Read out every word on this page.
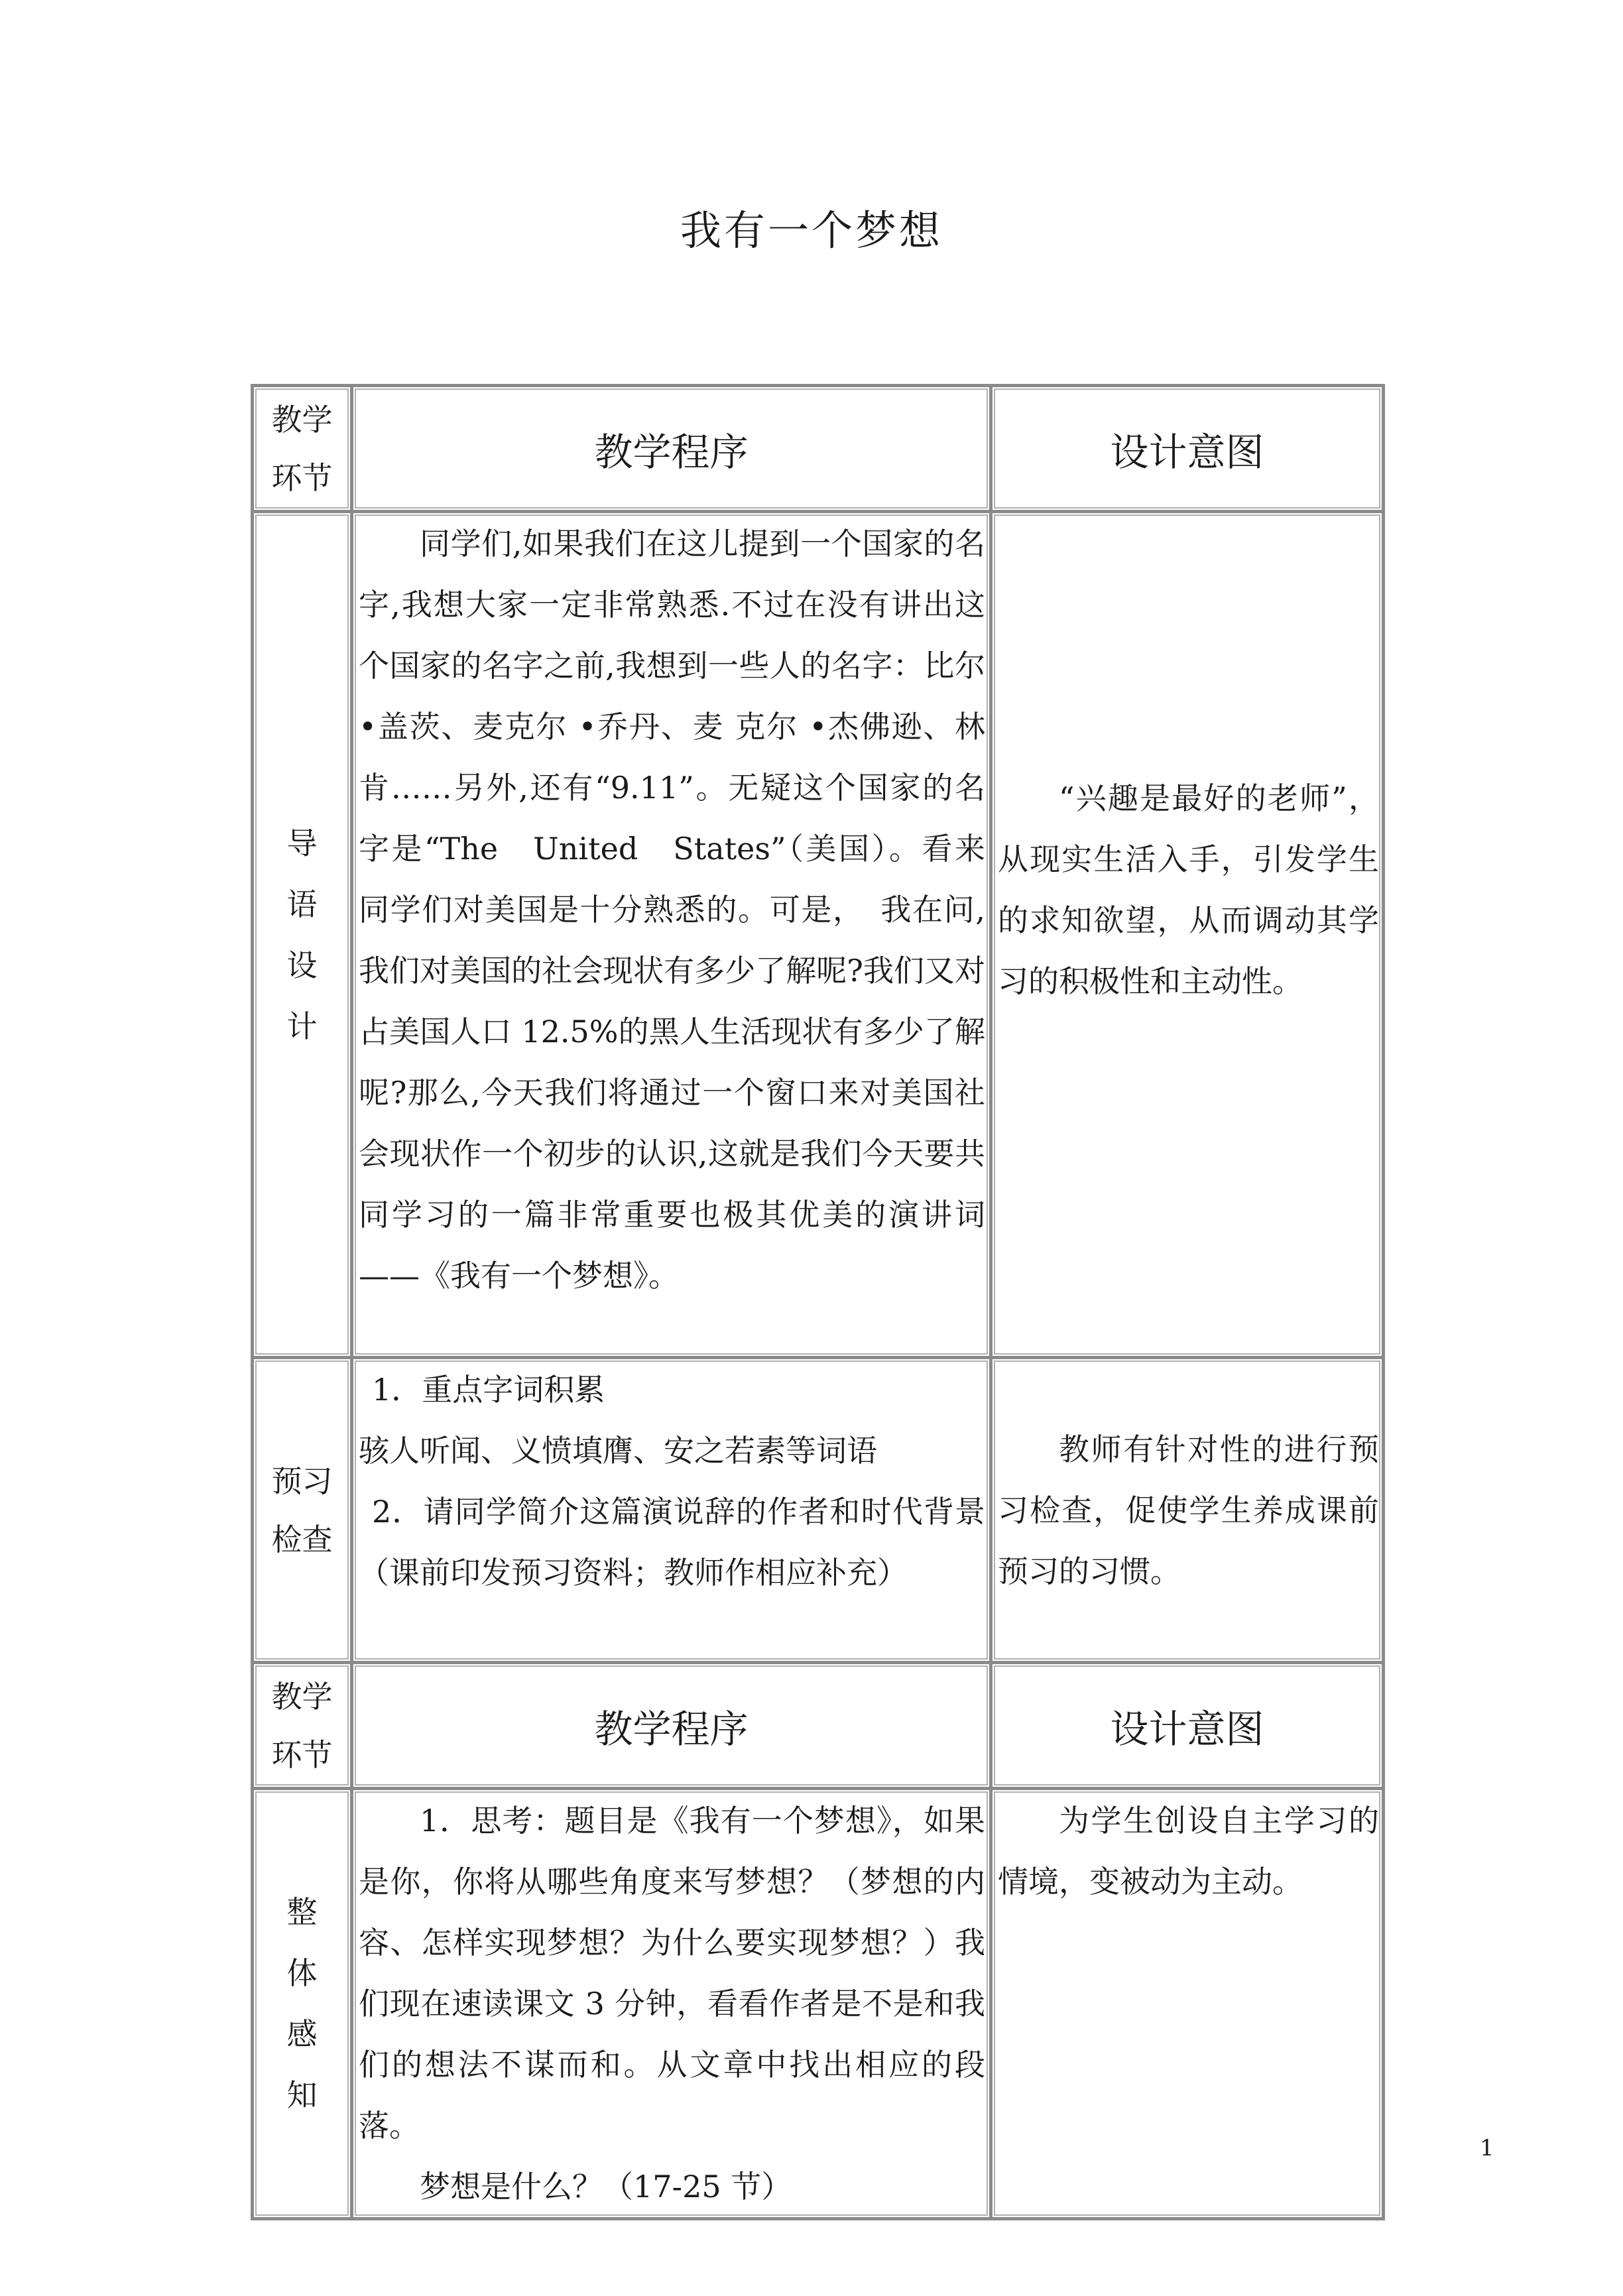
我有一个梦想
教学环节	教学程序	设计意图

导语设计	同学们,如果我们在这儿提到一个国家的名字,我想大家一定非常熟悉.不过在没有讲出这个国家的名字之前,我想到一些人的名字：比尔 •盖茨、麦克尔 •乔丹、麦 克尔 •杰佛逊、林肯……另外,还有“9.11”。无疑这个国家的名字是“The　United　States”（美国）。看来同学们对美国是十分熟悉的。可是，　我在问,我们对美国的社会现状有多少了解呢?我们又对占美国人口 12.5%的黑人生活现状有多少了解呢?那么,今天我们将通过一个窗口来对美国社会现状作一个初步的认识,这就是我们今天要共同学习的一篇非常重要也极其优美的演讲词——《我有一个梦想》。	“兴趣是最好的老师”，从现实生活入手，引发学生的求知欲望，从而调动其学习的积极性和主动性。

预习检查	1．重点字词积累

骇人听闻、义愤填膺、安之若素等词语

2．请同学简介这篇演说辞的作者和时代背景（课前印发预习资料；教师作相应补充）	教师有针对性的进行预习检查，促使学生养成课前预习的习惯。

教学环节	教学程序	设计意图

整体感知	1．思考：题目是《我有一个梦想》，如果是你，你将从哪些角度来写梦想？（梦想的内容、怎样实现梦想？为什么要实现梦想？）我们现在速读课文 3 分钟，看看作者是不是和我们的想法不谋而和。从文章中找出相应的段落。

梦想是什么？（17-25 节）	为学生创设自主学习的情境，变被动为主动。

1
